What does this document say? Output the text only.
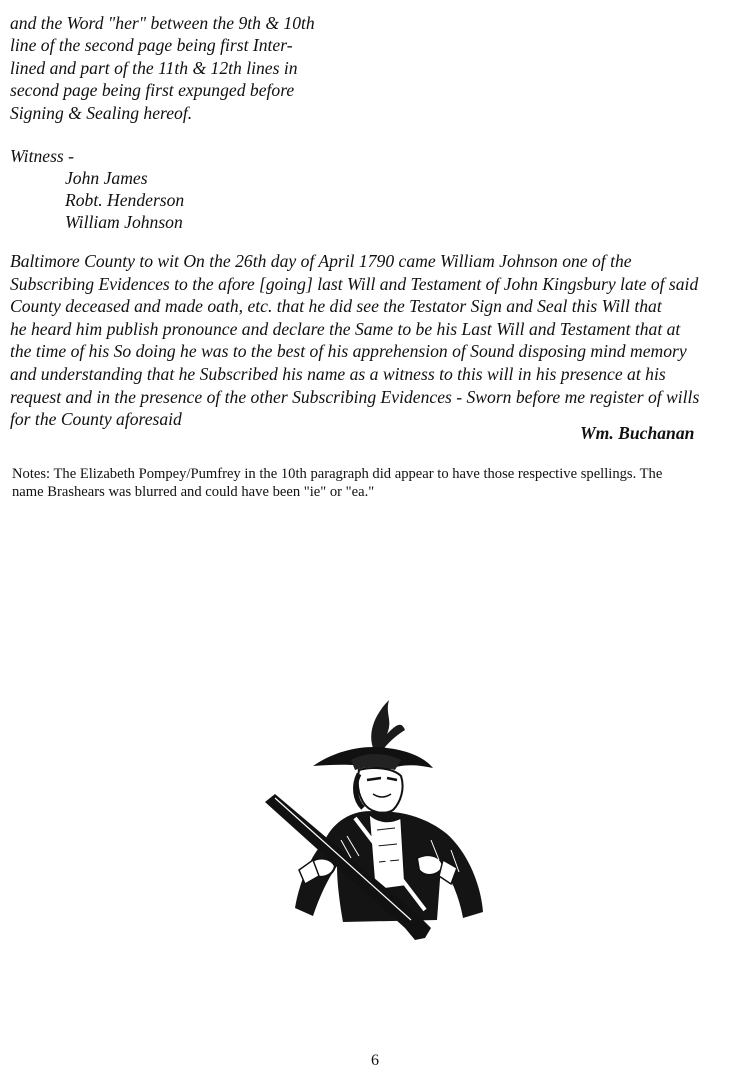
and the Word "her" between the 9th & 10th
line of the second page being first Inter-
lined and part of the 11th & 12th lines in
second page being first expunged before
Signing & Sealing hereof.
Witness -
John James
Robt. Henderson
William Johnson
Baltimore County to wit On the 26th day of April 1790 came William Johnson one of the
Subscribing Evidences to the afore [going] last Will and Testament of John Kingsbury late of said
County deceased and made oath, etc. that he did see the Testator Sign and Seal this Will that
he heard him publish pronounce and declare the Same to be his Last Will and Testament that at
the time of his So doing he was to the best of his apprehension of Sound disposing mind memory
and understanding that he Subscribed his name as a witness to this will in his presence at his
request and in the presence of the other Subscribing Evidences - Sworn before me register of wills
for the County aforesaid
Wm. Buchanan
Notes: The Elizabeth Pompey/Pumfrey in the 10th paragraph did appear to have those respective spellings. The
name Brashears was blurred and could have been "ie" or "ea."
6
